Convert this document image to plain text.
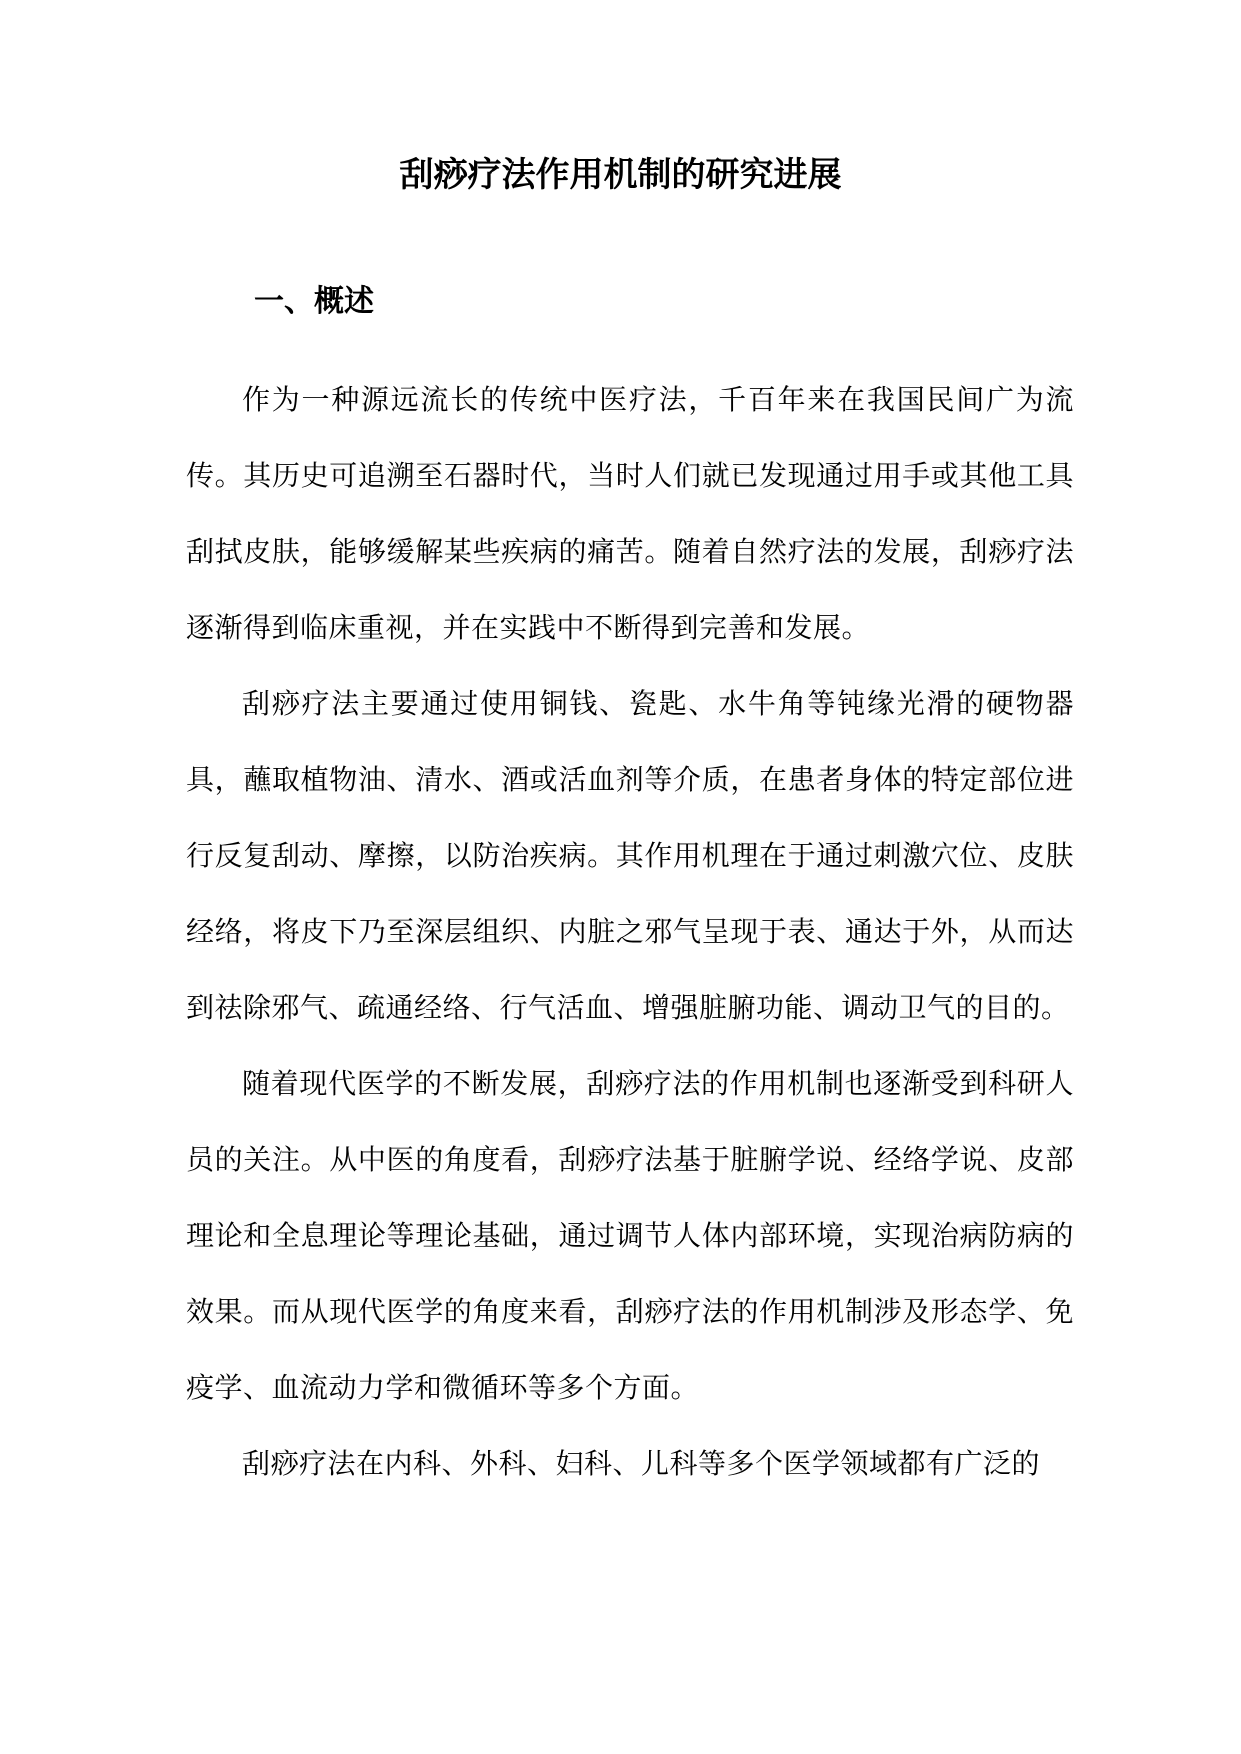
刮痧疗法作用机制的研究进展
一、概述

作为一种源远流长的传统中医疗法，千百年来在我国民间广为流传。其历史可追溯至石器时代，当时人们就已发现通过用手或其他工具刮拭皮肤，能够缓解某些疾病的痛苦。随着自然疗法的发展，刮痧疗法逐渐得到临床重视，并在实践中不断得到完善和发展。

刮痧疗法主要通过使用铜钱、瓷匙、水牛角等钝缘光滑的硬物器具，蘸取植物油、清水、酒或活血剂等介质，在患者身体的特定部位进行反复刮动、摩擦，以防治疾病。其作用机理在于通过刺激穴位、皮肤经络，将皮下乃至深层组织、内脏之邪气呈现于表、通达于外，从而达到祛除邪气、疏通经络、行气活血、增强脏腑功能、调动卫气的目的。

随着现代医学的不断发展，刮痧疗法的作用机制也逐渐受到科研人员的关注。从中医的角度看，刮痧疗法基于脏腑学说、经络学说、皮部理论和全息理论等理论基础，通过调节人体内部环境，实现治病防病的效果。而从现代医学的角度来看，刮痧疗法的作用机制涉及形态学、免疫学、血流动力学和微循环等多个方面。

刮痧疗法在内科、外科、妇科、儿科等多个医学领域都有广泛的
